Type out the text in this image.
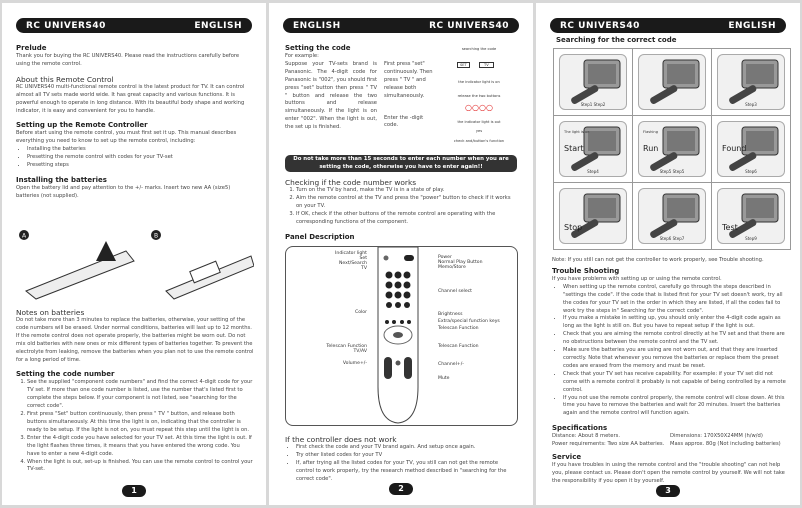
RC UNIVERS40	ENGLISH
Prelude

Thank you for buying the RC UNIVERS40. Please read the instructions carefully before using the remote control.

About this Remote Control

RC UNIVERS40 multi-functional remote control is the latest product for TV. It can control almost all TV sets made world wide. It has great capacity and various functions. It is powerful enough to operate in long distance. With its beautiful body shape and working indicator, it is easy and convenient for you to handle.

Setting up the Remote Controller

Before start using the remote control, you must first set it up. This manual describes everything you need to know to set up the remote control, including:

• Installing the batteries
• Presetting the remote control with codes for your TV-set
• Presetting steps
Installing the batteries

Open the battery lid and pay attention to the +/- marks. Insert two new AA (size5) batteries (not supplied).

A	B
Notes on batteries

Do not take more than 3 minutes to replace the batteries, otherwise, your setting of the code numbers will be erased. Under normal conditions, batteries will last up to 12 months. If the remote control does not operate properly, the batteries might be worn out. Do not mix old batteries with new ones or mix different types of batteries together. To prevent the electrolyte from leaking, remove the batteries when you plan not to use the remote control for a long period of time.

Setting the code number
1. See the supplied "component code numbers" and find the correct 4-digit code for your TV set. If more than one code number is listed, use the number that's listed first to complete the steps below. If your component is not listed, see "searching for the correct code".
2. First press "Set" button continuously, then press " TV " button, and release both buttons simultaneously. At this time the light is on, indicating that the controller is ready to be setup. If the light is not on, you must repeat this step until the light is on.
3. Enter the 4-digit code you have selected for your TV set. At this time the light is out. If the light flashes three times, it means that you have entered the wrong code. You have to enter a new 4-digit code.
4. When the light is out, set-up is finished. You can use the remote control to control your TV-set.
1
ENGLISH	RC UNIVERS40
Setting the code

For example:

Suppose your TV-sets brand is Panasonic. The 4-digit code for Panasonic is "002", you should first press "set" button then press " TV " button and release the two buttons and release simultaneously. If the light is on enter "002". When the light is out, the set up is finished.

First press "set" continuously. Then press " TV " and release both simultaneously.

Enter the -digit code.

searching the code
SET	TV
the indicator light is on
release the two buttons
○○○○
the indicator light is out
yes
check and/button's function
Do not take more than 15 seconds to enter each number when you are setting the code, otherwise you have to enter again!!
Checking if the code number works
1. Turn on the TV by hand, make the TV is in a state of play.
2. Aim the remote control at the TV and press the "power" button to check if it works on your TV.
3. If OK, check if the other buttons of the remote control are operating with the corresponding functions of the component.
Panel Description
Indicator light
Set
Next/Search
TV
Color
Telescan Function
TV/AV
Volume+/-
Power
Normal Play Button
Memo/Store
Channel select
Brightness
Extra/special function keys
Telescan Function
Telescan Function
Channel+/-
Mute
If the controller does not work
• First check the code and your TV brand again. And setup once again.
• Try other listed codes for your TV
• If, after trying all the listed codes for your TV, you still can not get the remote control to work properly, try the research method described in "searching for the correct code".
2
RC UNIVERS40	ENGLISH
Searching for the correct code

Note: If you still can not get the controller to work properly, see Trouble shooting.

Trouble Shooting

If you have problems with setting up or using the remote control.

• When setting up the remote control, carefully go through the steps described in "settings the code". If the code that is listed first for your TV set doesn't work, try all the codes for your TV set in the order in which they are listed, if all the codes fail to work try the steps in" Searching for the correct code".
• If you make a mistake in setting up, you should only enter the 4-digit code again as long as the light is still on. But you have to repeat setup if the light is out.
• Check that you are aiming the remote control directly at he TV set and that there are no obstructions between the remote control and the TV set.
• Make sure the batteries you are using are not worn out, and that they are inserted correctly. Note that whenever you remove the batteries or replace them the preset codes are erased from the memory and must be reset.
• Check that your TV set has receive capability. For example: if your TV set did not come with a remote control it probably is not capable of being controlled by a remote control.
• If you not use the remote control properly, the remote control will close down. At this time you have to remove the batteries and wait for 20 minutes. Insert the batteries again and the remote control will function again.
Specifications
Distance: About 8 meters.	Dimensions: 170X50X24MM (h/w/d)
Power requirements: Two size AA batteries.	Mass approx. 80g (Not including batteries)
Service

If you have troubles in using the remote control and the "trouble shooting" can not help you, please contact us. Please don't open the remote control by yourself. We will not take the responsibility if you open it by yourself.

3
Step1 Step2	Step3
Step4
Start
The light is on
Step5 Step5
Run
Flashing
Step6
Found
Stop
Step6 Step7	Step9
Test
